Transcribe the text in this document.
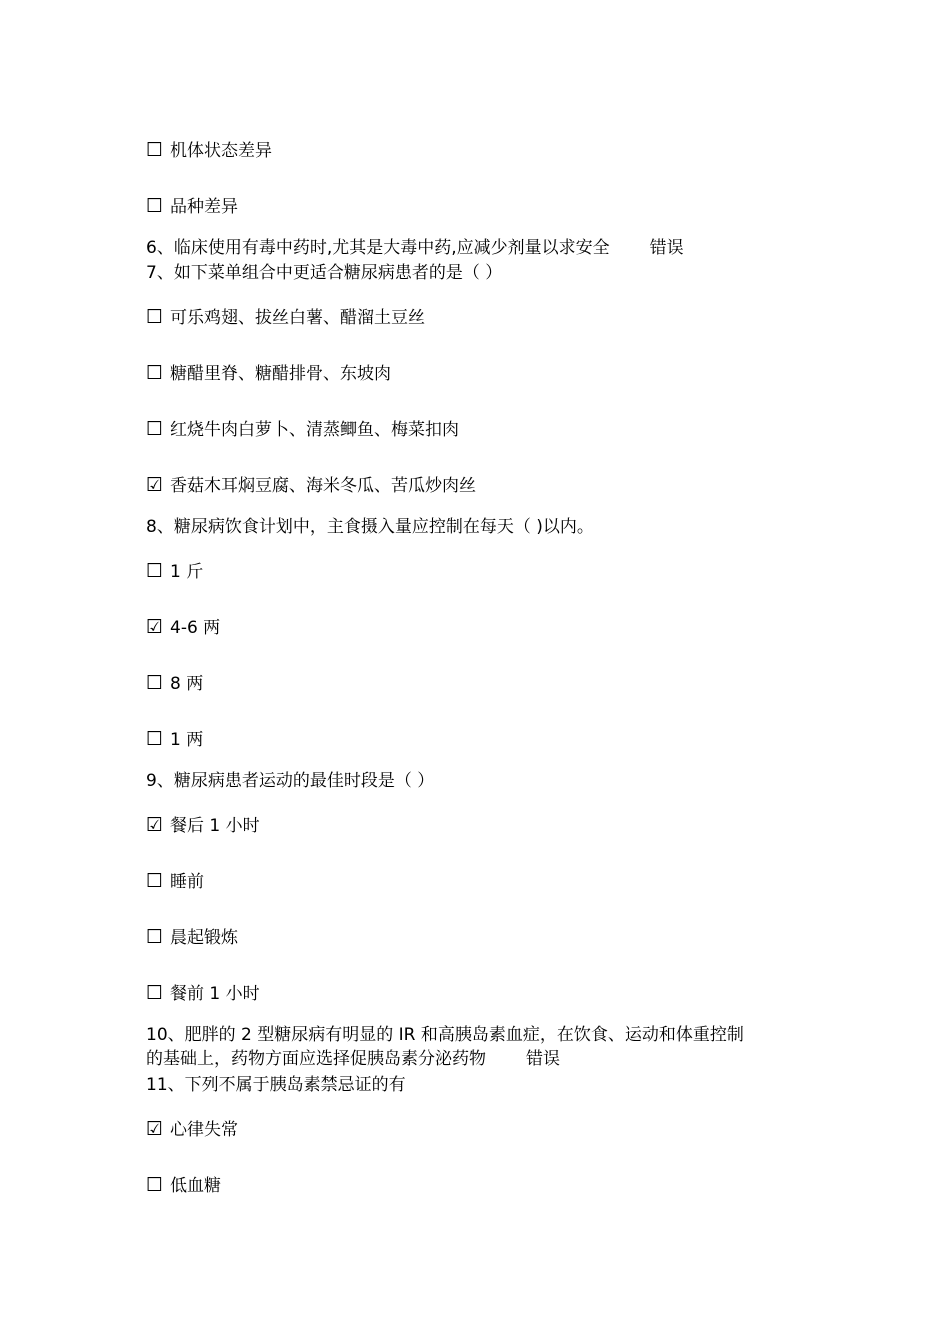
☐ 机体状态差异
☐ 品种差异
6、临床使用有毒中药时,尤其是大毒中药,应减少剂量以求安全 错误
7、如下菜单组合中更适合糖尿病患者的是（ ）
☐ 可乐鸡翅、拔丝白薯、醋溜土豆丝
☐ 糖醋里脊、糖醋排骨、东坡肉
☐ 红烧牛肉白萝卜、清蒸鲫鱼、梅菜扣肉
☑ 香菇木耳焖豆腐、海米冬瓜、苦瓜炒肉丝
8、糖尿病饮食计划中，主食摄入量应控制在每天（ )以内。
☐ 1 斤
☑ 4-6 两
☐ 8 两
☐ 1 两
9、糖尿病患者运动的最佳时段是（ ）
☑ 餐后 1 小时
☐ 睡前
☐ 晨起锻炼
☐ 餐前 1 小时
10、肥胖的 2 型糖尿病有明显的 IR 和高胰岛素血症，在饮食、运动和体重控制
的基础上，药物方面应选择促胰岛素分泌药物 错误
11、下列不属于胰岛素禁忌证的有
☑ 心律失常
☐ 低血糖
